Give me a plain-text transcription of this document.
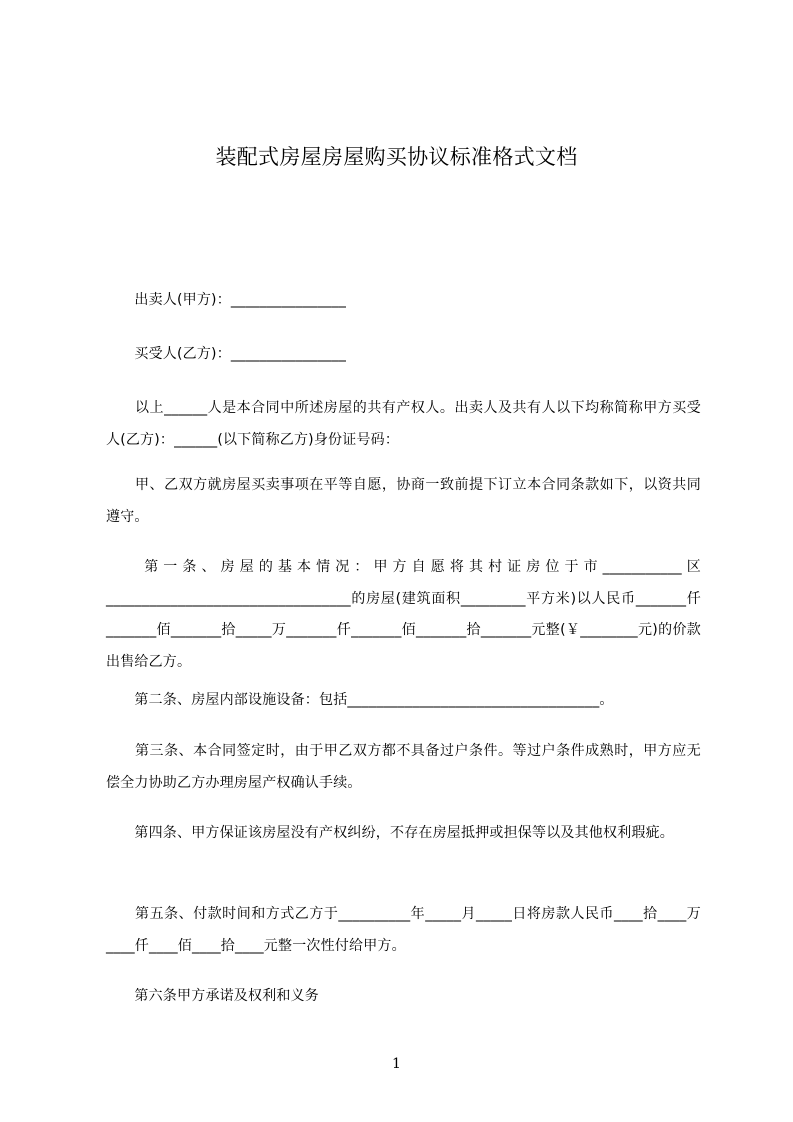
装配式房屋房屋购买协议标准格式文档
　　出卖人(甲方)：________________
　　买受人(乙方)：________________
　　以上______人是本合同中所述房屋的共有产权人。出卖人及共有人以下均称简称甲方买受人(乙方)：______(以下简称乙方)身份证号码：
　　甲、乙双方就房屋买卖事项在平等自愿，协商一致前提下订立本合同条款如下，以资共同遵守。
　　第一条、房屋的基本情况：甲方自愿将其村证房位于市___________区__________________________________的房屋(建筑面积_________平方米)以人民币_______仟_______佰_______拾_____万_______仟_______佰_______拾_______元整(￥________元)的价款出售给乙方。
　　第二条、房屋内部设施设备：包括___________________________________。
　　第三条、本合同签定时，由于甲乙双方都不具备过户条件。等过户条件成熟时，甲方应无偿全力协助乙方办理房屋产权确认手续。
　　第四条、甲方保证该房屋没有产权纠纷，不存在房屋抵押或担保等以及其他权利瑕疵。
　　第五条、付款时间和方式乙方于__________年_____月_____日将房款人民币____拾____万____仟____佰____拾____元整一次性付给甲方。
　　第六条甲方承诺及权利和义务
1
